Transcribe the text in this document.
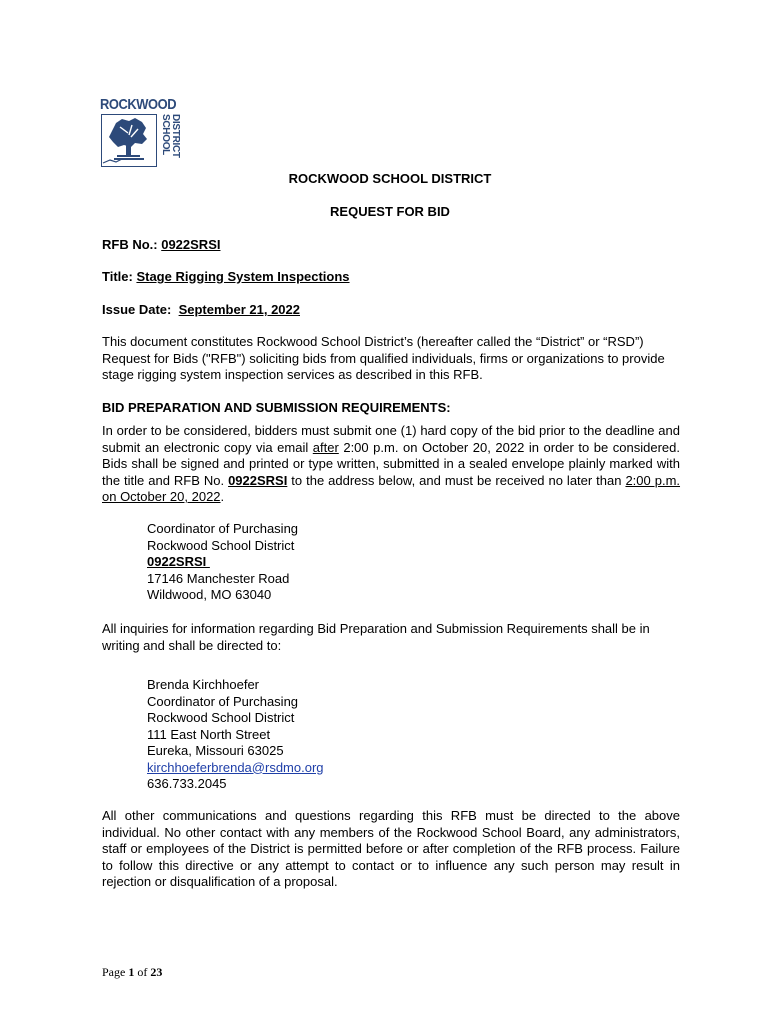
ROCKWOOD
SCHOOL DISTRICT
ROCKWOOD SCHOOL DISTRICT
REQUEST FOR BID
RFB No.: 0922SRSI
Title: Stage Rigging System Inspections
Issue Date:  September 21, 2022
This document constitutes Rockwood School District’s (hereafter called the “District” or “RSD”) Request for Bids ("RFB") soliciting bids from qualified individuals, firms or organizations to provide stage rigging system inspection services as described in this RFB.
BID PREPARATION AND SUBMISSION REQUIREMENTS:
In order to be considered, bidders must submit one (1) hard copy of the bid prior to the deadline and submit an electronic copy via email after 2:00 p.m. on October 20, 2022 in order to be considered. Bids shall be signed and printed or type written, submitted in a sealed envelope plainly marked with the title and RFB No. 0922SRSI to the address below, and must be received no later than 2:00 p.m. on October 20, 2022.
Coordinator of Purchasing
Rockwood School District
0922SRSI
17146 Manchester Road
Wildwood, MO 63040
All inquiries for information regarding Bid Preparation and Submission Requirements shall be in writing and shall be directed to:
Brenda Kirchhoefer
Coordinator of Purchasing
Rockwood School District
111 East North Street
Eureka, Missouri 63025
kirchhoeferbrenda@rsdmo.org
636.733.2045
All other communications and questions regarding this RFB must be directed to the above individual. No other contact with any members of the Rockwood School Board, any administrators, staff or employees of the District is permitted before or after completion of the RFB process. Failure to follow this directive or any attempt to contact or to influence any such person may result in rejection or disqualification of a proposal.
Page 1 of 23
